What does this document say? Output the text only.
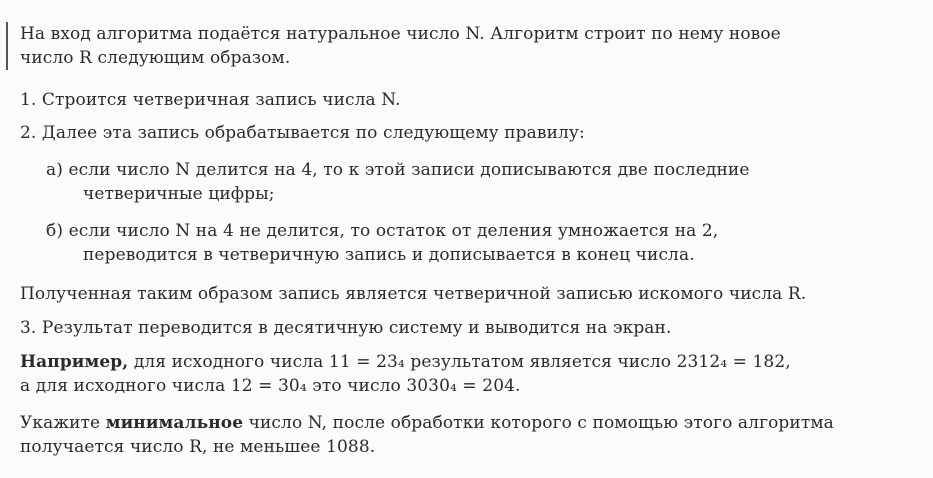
На вход алгоритма подаётся натуральное число N. Алгоритм строит по нему новое
число R следующим образом.
1. Строится четверичная запись числа N.
2. Далее эта запись обрабатывается по следующему правилу:
а) если число N делится на 4, то к этой записи дописываются две последние
четверичные цифры;
б) если число N на 4 не делится, то остаток от деления умножается на 2,
переводится в четверичную запись и дописывается в конец числа.
Полученная таким образом запись является четверичной записью искомого числа R.
3. Результат переводится в десятичную систему и выводится на экран.
Например, для исходного числа 11 = 23₄ результатом является число 2312₄ = 182,
а для исходного числа 12 = 30₄ это число 3030₄ = 204.
Укажите минимальное число N, после обработки которого с помощью этого алгоритма
получается число R, не меньшее 1088.
